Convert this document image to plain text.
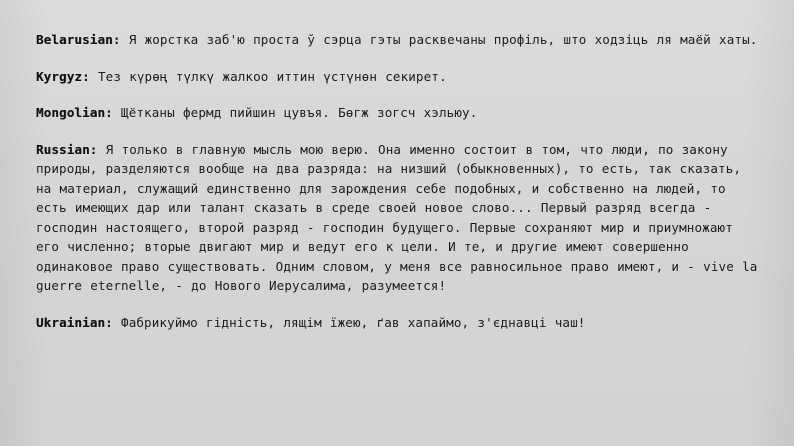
Belarusian: Я жорстка заб'ю проста ў сэрца гэты расквечаны профіль, што ходзіць ля маёй хаты.

Kyrgyz: Тез күрөң түлкү жалкоо иттин үстүнөн секирет.

Mongolian: Щётканы фермд пийшин цувъя. Бөгж зогсч хэльюу.

Russian: Я только в главную мысль мою верю. Она именно состоит в том, что люди, по закону природы, разделяются вообще на два разряда: на низший (обыкновенных), то есть, так сказать, на материал, служащий единственно для зарождения себе подобных, и собственно на людей, то есть имеющих дар или талант сказать в среде своей новое слово... Первый разряд всегда - господин настоящего, второй разряд - господин будущего. Первые сохраняют мир и приумножают его численно; вторые двигают мир и ведут его к цели. И те, и другие имеют совершенно одинаковое право существовать. Одним словом, у меня все равносильное право имеют, и - vive la guerre eternelle, - до Нового Иерусалима, разумеется!

Ukrainian: Фабрикуймо гідність, лящім їжею, ґав хапаймо, з'єднавці чаш!
